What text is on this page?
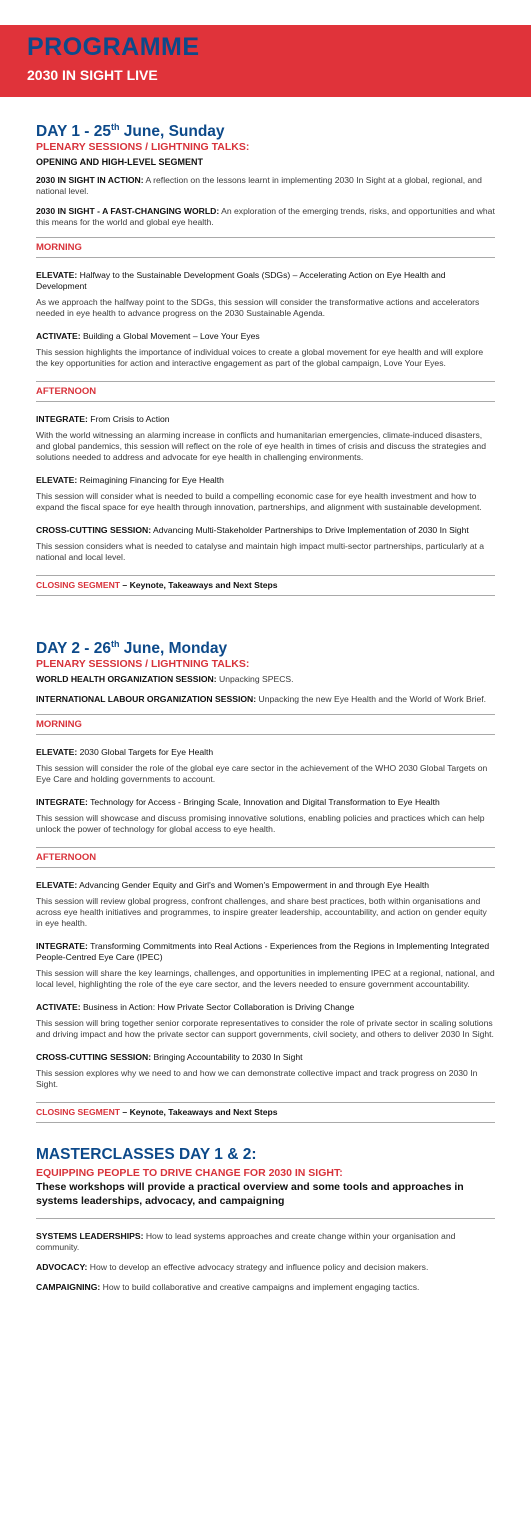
PROGRAMME
2030 IN SIGHT LIVE
DAY 1 - 25th June, Sunday
PLENARY SESSIONS / LIGHTNING TALKS:
OPENING AND HIGH-LEVEL SEGMENT
2030 IN SIGHT IN ACTION: A reflection on the lessons learnt in implementing 2030 In Sight at a global, regional, and national level.
2030 IN SIGHT - A FAST-CHANGING WORLD: An exploration of the emerging trends, risks, and opportunities and what this means for the world and global eye health.
MORNING
ELEVATE: Halfway to the Sustainable Development Goals (SDGs) – Accelerating Action on Eye Health and Development
As we approach the halfway point to the SDGs, this session will consider the transformative actions and accelerators needed in eye health to advance progress on the 2030 Sustainable Agenda.
ACTIVATE: Building a Global Movement – Love Your Eyes
This session highlights the importance of individual voices to create a global movement for eye health and will explore the key opportunities for action and interactive engagement as part of the global campaign, Love Your Eyes.
AFTERNOON
INTEGRATE: From Crisis to Action
With the world witnessing an alarming increase in conflicts and humanitarian emergencies, climate-induced disasters, and global pandemics, this session will reflect on the role of eye health in times of crisis and discuss the strategies and solutions needed to address and advocate for eye health in challenging environments.
ELEVATE: Reimagining Financing for Eye Health
This session will consider what is needed to build a compelling economic case for eye health investment and how to expand the fiscal space for eye health through innovation, partnerships, and alignment with sustainable development.
CROSS-CUTTING SESSION: Advancing Multi-Stakeholder Partnerships to Drive Implementation of 2030 In Sight
This session considers what is needed to catalyse and maintain high impact multi-sector partnerships, particularly at a national and local level.
CLOSING SEGMENT – Keynote, Takeaways and Next Steps
DAY 2 - 26th June, Monday
PLENARY SESSIONS / LIGHTNING TALKS:
WORLD HEALTH ORGANIZATION SESSION: Unpacking SPECS.
INTERNATIONAL LABOUR ORGANIZATION SESSION: Unpacking the new Eye Health and the World of Work Brief.
MORNING
ELEVATE: 2030 Global Targets for Eye Health
This session will consider the role of the global eye care sector in the achievement of the WHO 2030 Global Targets on Eye Care and holding governments to account.
INTEGRATE: Technology for Access - Bringing Scale, Innovation and Digital Transformation to Eye Health
This session will showcase and discuss promising innovative solutions, enabling policies and practices which can help unlock the power of technology for global access to eye health.
AFTERNOON
ELEVATE: Advancing Gender Equity and Girl's and Women's Empowerment in and through Eye Health
This session will review global progress, confront challenges, and share best practices, both within organisations and across eye health initiatives and programmes, to inspire greater leadership, accountability, and action on gender equity in eye health.
INTEGRATE: Transforming Commitments into Real Actions - Experiences from the Regions in Implementing Integrated People-Centred Eye Care (IPEC)
This session will share the key learnings, challenges, and opportunities in implementing IPEC at a regional, national, and local level, highlighting the role of the eye care sector, and the levers needed to ensure government accountability.
ACTIVATE: Business in Action: How Private Sector Collaboration is Driving Change
This session will bring together senior corporate representatives to consider the role of private sector in scaling solutions and driving impact and how the private sector can support governments, civil society, and others to deliver 2030 In Sight.
CROSS-CUTTING SESSION: Bringing Accountability to 2030 In Sight
This session explores why we need to and how we can demonstrate collective impact and track progress on 2030 In Sight.
CLOSING SEGMENT – Keynote, Takeaways and Next Steps
MASTERCLASSES DAY 1 & 2:
EQUIPPING PEOPLE TO DRIVE CHANGE FOR 2030 IN SIGHT:
These workshops will provide a practical overview and some tools and approaches in systems leaderships, advocacy, and campaigning
SYSTEMS LEADERSHIPS: How to lead systems approaches and create change within your organisation and community.
ADVOCACY: How to develop an effective advocacy strategy and influence policy and decision makers.
CAMPAIGNING: How to build collaborative and creative campaigns and implement engaging tactics.
